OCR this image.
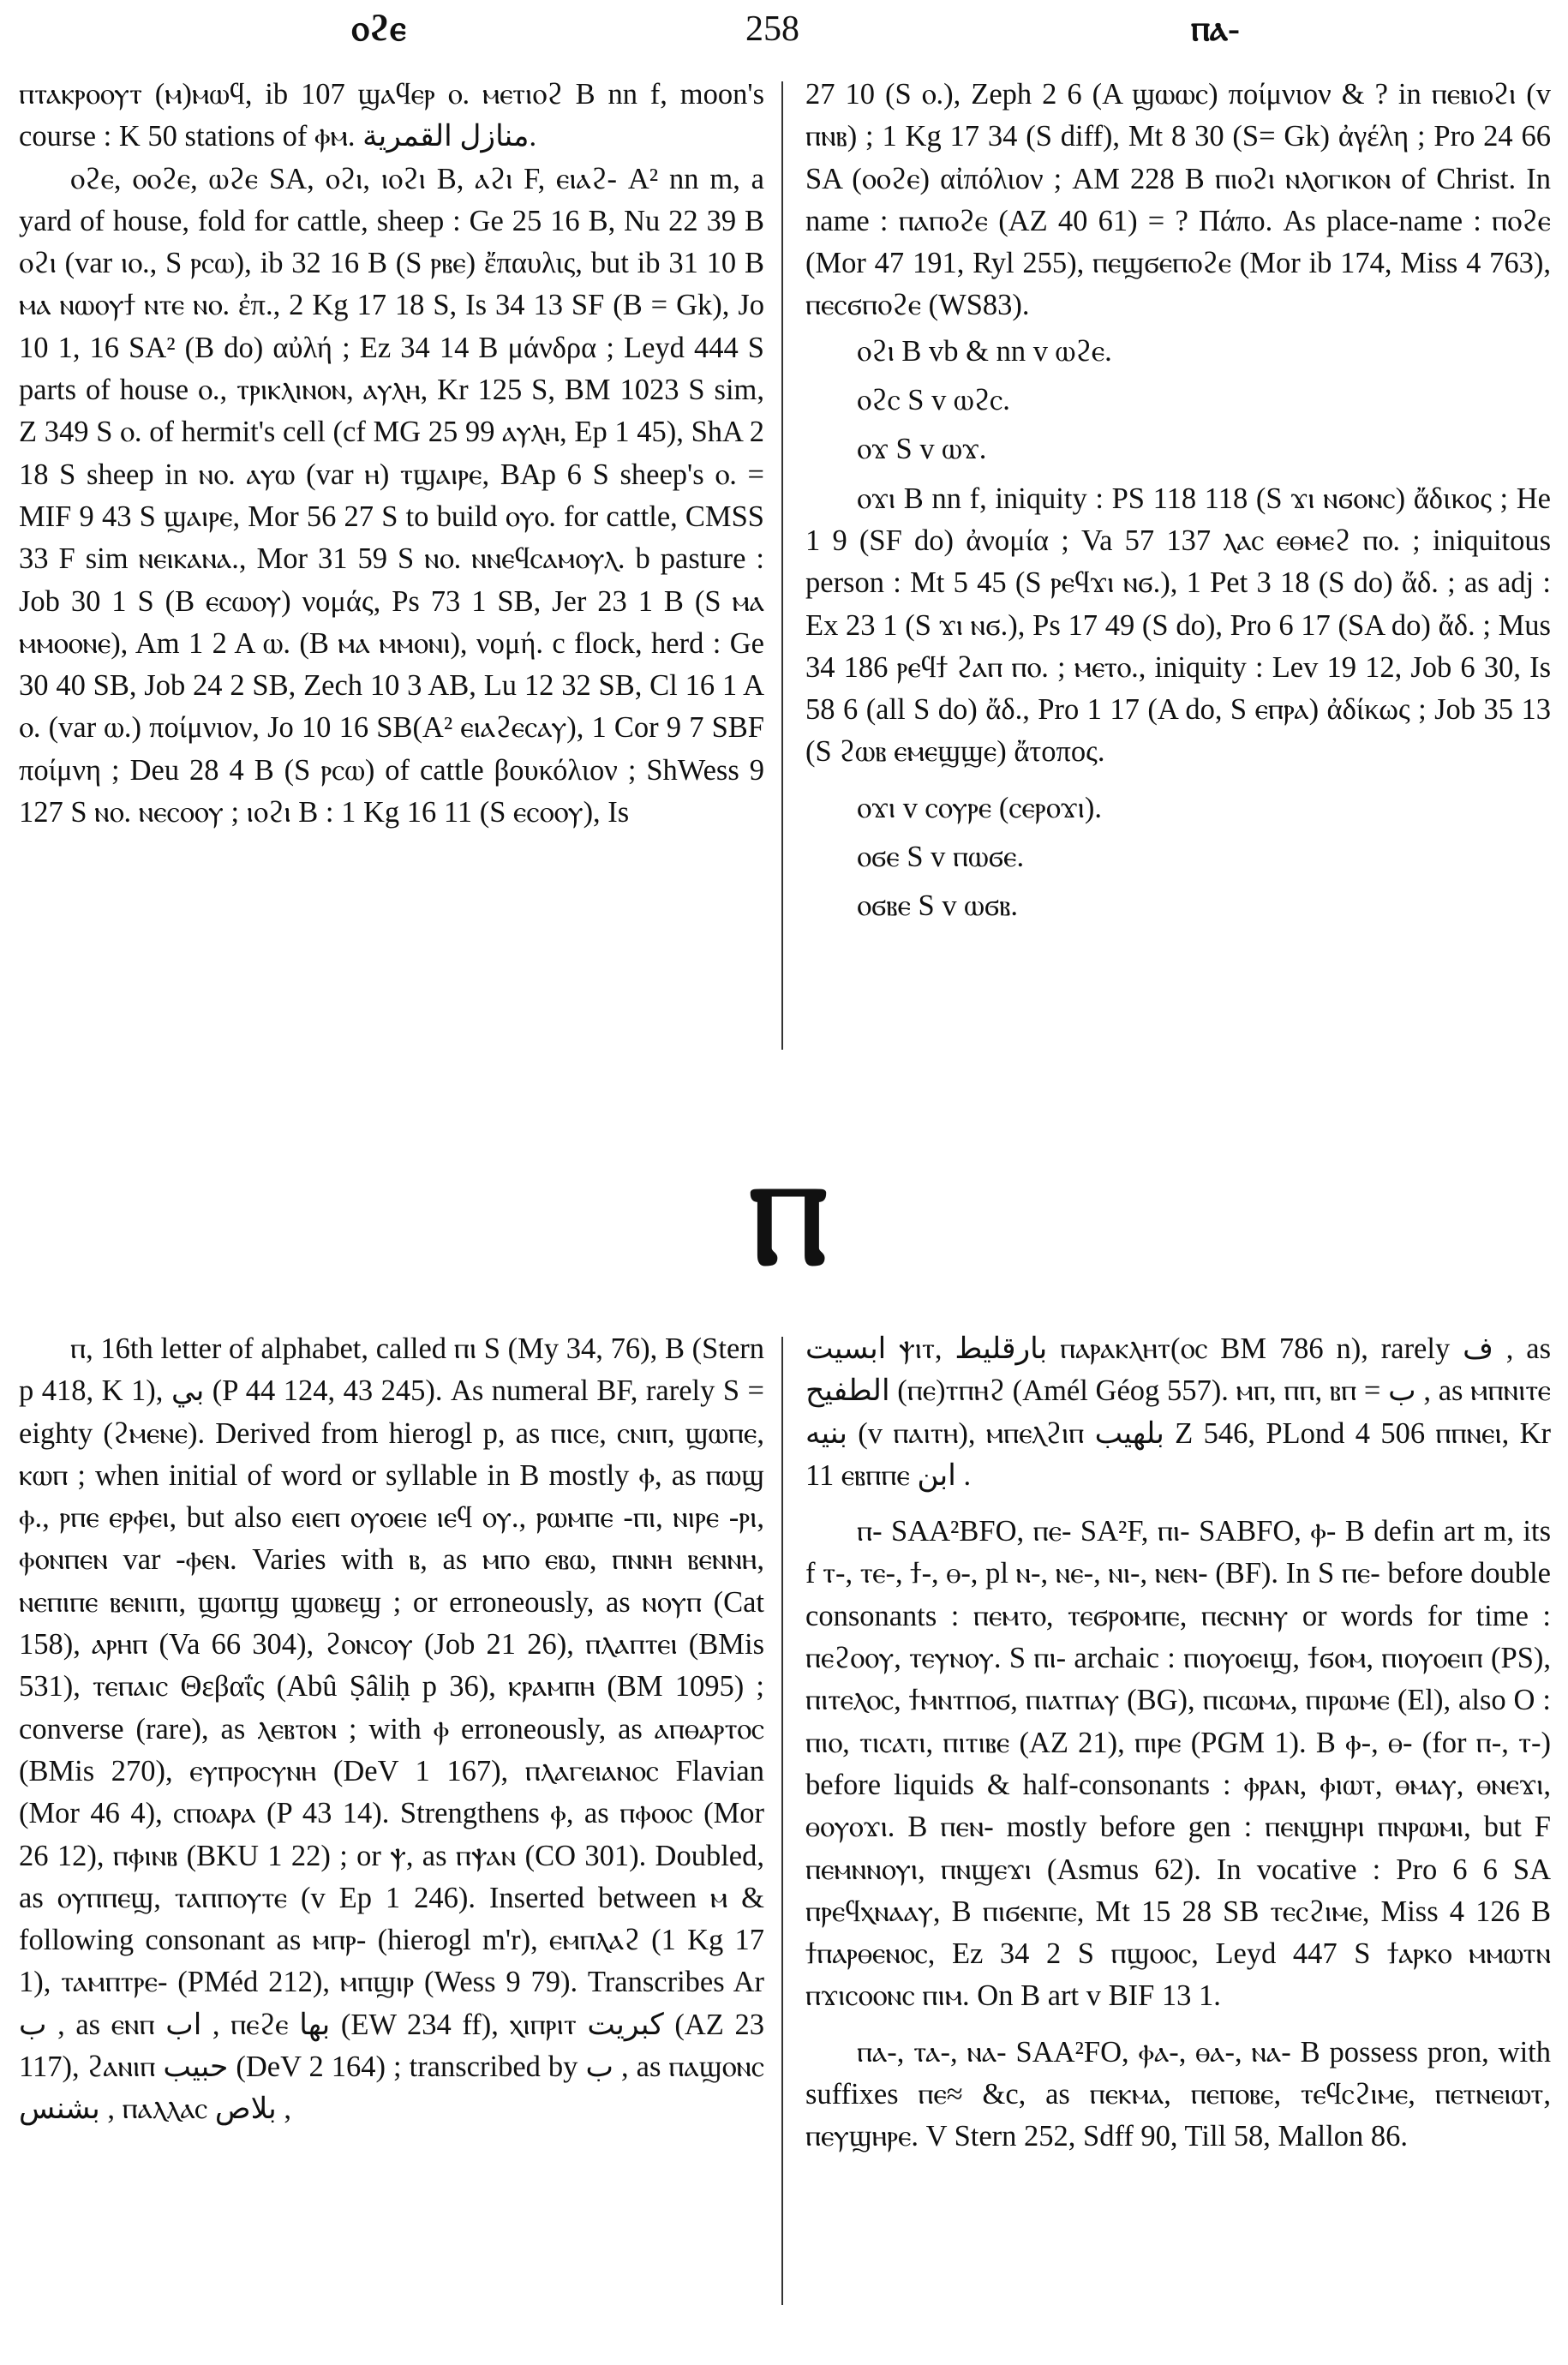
ⲟϩⲉ	258	ⲡⲁ-

ⲡⲧⲁⲕⲣⲟⲟⲩⲧ (ⲙ)ⲙⲱϥ, ib 107 ϣⲁϥⲉⲣ ⲟ. ⲙⲉⲧⲓⲟϩ B nn f, moon's course : K 50 stations of ⲫⲙ. منازل القمرية.

ⲟϩⲉ, ⲟⲟϩⲉ, ⲱϩⲉ SA, ⲟϩⲓ, ⲓⲟϩⲓ B, ⲁϩⲓ F, ⲉⲓⲁϩ- A² nn m, a yard of house, fold for cattle, sheep : Ge 25 16 B, Nu 22 39 B ⲟϩⲓ (var ⲓⲟ., S ⲣⲥⲱ), ib 32 16 B (S ⲣⲃⲉ) ἔπαυλις, but ib 31 10 B ⲙⲁ ⲛⲱⲟⲩϯ ⲛⲧⲉ ⲛⲟ. ἐπ., 2 Kg 17 18 S, Is 34 13 SF (B = Gk), Jo 10 1, 16 SA² (B do) αὐλή ; Ez 34 14 B μάνδρα ; Leyd 444 S parts of house ⲟ., ⲧⲣⲓⲕⲗⲓⲛⲟⲛ, ⲁⲩⲗⲏ, Kr 125 S, BM 1023 S sim, Z 349 S ⲟ. of hermit's cell (cf MG 25 99 ⲁⲩⲗⲏ, Ep 1 45), ShA 2 18 S sheep in ⲛⲟ. ⲁⲩⲱ (var ⲏ) ⲧϣⲁⲓⲣⲉ, BAp 6 S sheep's ⲟ. = MIF 9 43 S ϣⲁⲓⲣⲉ, Mor 56 27 S to build ⲟⲩⲟ. for cattle, CMSS 33 F sim ⲛⲉⲓⲕⲁⲛⲁ., Mor 31 59 S ⲛⲟ. ⲛⲛⲉϥⲥⲁⲙⲟⲩⲗ. b pasture : Job 30 1 S (B ⲉⲥⲱⲟⲩ) νομάς, Ps 73 1 SB, Jer 23 1 B (S ⲙⲁ ⲙⲙⲟⲟⲛⲉ), Am 1 2 A ⲱ. (B ⲙⲁ ⲙⲙⲟⲛⲓ), νομή. c flock, herd : Ge 30 40 SB, Job 24 2 SB, Zech 10 3 AB, Lu 12 32 SB, Cl 16 1 A ⲟ. (var ⲱ.) ποίμνιον, Jo 10 16 SB(A² ⲉⲓⲁϩⲉⲥⲁⲩ), 1 Cor 9 7 SBF ποίμνη ; Deu 28 4 B (S ⲣⲥⲱ) of cattle βουκόλιον ; ShWess 9 127 S ⲛⲟ. ⲛⲉⲥⲟⲟⲩ ; ⲓⲟϩⲓ B : 1 Kg 16 11 (S ⲉⲥⲟⲟⲩ), Is

27 10 (S ⲟ.), Zeph 2 6 (A ϣⲱⲱⲥ) ποίμνιον & ? in ⲡⲉⲃⲓⲟϩⲓ (v ⲡⲛⲃ) ; 1 Kg 17 34 (S diff), Mt 8 30 (S= Gk) ἀγέλη ; Pro 24 66 SA (ⲟⲟϩⲉ) αἰπόλιον ; AM 228 B ⲡⲓⲟϩⲓ ⲛⲗⲟⲅⲓⲕⲟⲛ of Christ. In name : ⲡⲁⲡⲟϩⲉ (AZ 40 61) = ? Πάπο. As place-name : ⲡⲟϩⲉ (Mor 47 191, Ryl 255), ⲡⲉϣϭⲉⲡⲟϩⲉ (Mor ib 174, Miss 4 763), ⲡⲉⲥϭⲡⲟϩⲉ (WS83).

ⲟϩⲓ B vb & nn v ⲱϩⲉ.

ⲟϩⲥ S v ⲱϩⲥ.

ⲟϫ S v ⲱϫ.

ⲟϫⲓ B nn f, iniquity : PS 118 118 (S ϫⲓ ⲛϭⲟⲛⲥ) ἄδικος ; He 1 9 (SF do) ἀνομία ; Va 57 137 ⲗⲁⲥ ⲉⲑⲙⲉϩ ⲡⲟ. ; iniquitous person : Mt 5 45 (S ⲣⲉϥϫⲓ ⲛϭ.), 1 Pet 3 18 (S do) ἄδ. ; as adj : Ex 23 1 (S ϫⲓ ⲛϭ.), Ps 17 49 (S do), Pro 6 17 (SA do) ἄδ. ; Mus 34 186 ⲣⲉϥϯ ϩⲁⲡ ⲡⲟ. ; ⲙⲉⲧⲟ., iniquity : Lev 19 12, Job 6 30, Is 58 6 (all S do) ἄδ., Pro 1 17 (A do, S ⲉⲡⲣⲁ) ἀδίκως ; Job 35 13 (S ϩⲱⲃ ⲉⲙⲉϣϣⲉ) ἄτοπος.

ⲟϫⲓ v ⲥⲟⲩⲣⲉ (ⲥⲉⲣⲟϫⲓ).

ⲟϭⲉ S v ⲡⲱϭⲉ.

ⲟϭⲃⲉ S v ⲱϭⲃ.

Ⲡ

ⲡ, 16th letter of alphabet, called ⲡⲓ S (My 34, 76), B (Stern p 418, K 1), بي (P 44 124, 43 245). As numeral BF, rarely S = eighty (ϩⲙⲉⲛⲉ). Derived from hierogl p, as ⲡⲓⲥⲉ, ⲥⲛⲓⲡ, ϣⲱⲡⲉ, ⲕⲱⲡ ; when initial of word or syllable in B mostly ⲫ, as ⲡⲱϣ ⲫ., ⲣⲡⲉ ⲉⲣⲫⲉⲓ, but also ⲉⲓⲉⲡ ⲟⲩⲟⲉⲓⲉ ⲓⲉϥ ⲟⲩ., ⲣⲱⲙⲡⲉ -ⲡⲓ, ⲛⲓⲣⲉ -ⲣⲓ, ⲫⲟⲛⲡⲉⲛ var -ⲫⲉⲛ. Varies with ⲃ, as ⲙⲡⲟ ⲉⲃⲱ, ⲡⲛⲛⲏ ⲃⲉⲛⲛⲏ, ⲛⲉⲡⲓⲡⲉ ⲃⲉⲛⲓⲡⲓ, ϣⲱⲡϣ ϣⲱⲃⲉϣ ; or erroneously, as ⲛⲟⲩⲡ (Cat 158), ⲁⲣⲏⲡ (Va 66 304), ϩⲟⲛⲥⲟⲩ (Job 21 26), ⲡⲗⲁⲡⲧⲉⲓ (BMis 531), ⲧⲉⲡⲁⲓⲥ Θεβαΐς (Abû Ṣâliḥ p 36), ⲕⲣⲁⲙⲡⲏ (BM 1095) ; converse (rare), as ⲗⲉⲃⲧⲟⲛ ; with ⲫ erroneously, as ⲁⲡⲑⲁⲣⲧⲟⲥ (BMis 270), ⲉⲩⲡⲣⲟⲥⲩⲛⲏ (DeV 1 167), ⲡⲗⲁⲅⲉⲓⲁⲛⲟⲥ Flavian (Mor 46 4), ⲥⲡⲟⲁⲣⲁ (P 43 14). Strengthens ⲫ, as ⲡⲫⲟⲟⲥ (Mor 26 12), ⲡⲫⲓⲛⲃ (BKU 1 22) ; or ⲯ, as ⲡⲯⲁⲛ (CO 301). Doubled, as ⲟⲩⲡⲡⲉϣ, ⲧⲁⲡⲡⲟⲩⲧⲉ (v Ep 1 246). Inserted between ⲙ & following consonant as ⲙⲡⲣ- (hierogl m'r), ⲉⲙⲡⲗⲁϩ (1 Kg 17 1), ⲧⲁⲙⲡⲧⲣⲉ- (PMéd 212), ⲙⲡϣⲓⲣ (Wess 9 79). Transcribes Ar ب , as ⲉⲛⲡ اب , ⲡⲉϩⲉ بها (EW 234 ff), ⲭⲓⲡⲣⲓⲧ كبريت (AZ 23 117), ϩⲁⲛⲓⲡ حبيب (DeV 2 164) ; transcribed by ب , as ⲡⲁϣⲟⲛⲥ بشنس , ⲡⲁⲗⲗⲁⲥ بلاص ,

ابسيت ⲯⲓⲧ, بارقليط ⲡⲁⲣⲁⲕⲗⲏⲧ(ⲟⲥ BM 786 n), rarely ف , as الطفيح (ⲡⲉ)ⲧⲡⲏϩ (Amél Géog 557). ⲙⲡ, ⲡⲡ, ⲃⲡ = ب , as ⲙⲡⲛⲓⲧⲉ بنيه (v ⲡⲁⲓⲧⲏ), ⲙⲡⲉⲗϩⲓⲡ بلهيب Z 546, PLond 4 506 ⲡⲡⲛⲉⲓ, Kr 11 ⲉⲃⲡⲡⲉ ابن .

ⲡ- SAA²BFO, ⲡⲉ- SA²F, ⲡⲓ- SABFO, ⲫ- B defin art m, its f ⲧ-, ⲧⲉ-, ϯ-, ⲑ-, pl ⲛ-, ⲛⲉ-, ⲛⲓ-, ⲛⲉⲛ- (BF). In S ⲡⲉ- before double consonants : ⲡⲉⲙⲧⲟ, ⲧⲉϭⲣⲟⲙⲡⲉ, ⲡⲉⲥⲛⲏⲩ or words for time : ⲡⲉϩⲟⲟⲩ, ⲧⲉⲩⲛⲟⲩ. S ⲡⲓ- archaic : ⲡⲓⲟⲩⲟⲉⲓϣ, ϯϭⲟⲙ, ⲡⲓⲟⲩⲟⲉⲓⲡ (PS), ⲡⲓⲧⲉⲗⲟⲥ, ϯⲙⲛⲧⲡⲟϭ, ⲡⲓⲁⲧⲡⲁⲩ (BG), ⲡⲓⲥⲱⲙⲁ, ⲡⲓⲣⲱⲙⲉ (El), also O : ⲡⲓⲟ, ⲧⲓⲥⲁⲧⲓ, ⲡⲓⲧⲓⲃⲉ (AZ 21), ⲡⲓⲣⲉ (PGM 1). B ⲫ-, ⲑ- (for ⲡ-, ⲧ-) before liquids & half-consonants : ⲫⲣⲁⲛ, ⲫⲓⲱⲧ, ⲑⲙⲁⲩ, ⲑⲛⲉϫⲓ, ⲑⲟⲩⲟϫⲓ. B ⲡⲉⲛ- mostly before gen : ⲡⲉⲛϣⲏⲣⲓ ⲡⲛⲣⲱⲙⲓ, but F ⲡⲉⲙⲛⲛⲟⲩⲓ, ⲡⲛϣⲉϫⲓ (Asmus 62). In vocative : Pro 6 6 SA ⲡⲣⲉϥⲭⲛⲁⲁⲩ, B ⲡⲓϭⲉⲛⲡⲉ, Mt 15 28 SB ⲧⲉⲥϩⲓⲙⲉ, Miss 4 126 B ϯⲡⲁⲣⲑⲉⲛⲟⲥ, Ez 34 2 S ⲡϣⲟⲟⲥ, Leyd 447 S ϯⲁⲣⲕⲟ ⲙⲙⲱⲧⲛ ⲡϫⲓⲥⲟⲟⲛⲥ ⲡⲓⲙ. On B art v BIF 13 1.

ⲡⲁ-, ⲧⲁ-, ⲛⲁ- SAA²FO, ⲫⲁ-, ⲑⲁ-, ⲛⲁ- B possess pron, with suffixes ⲡⲉ≈ &c, as ⲡⲉⲕⲙⲁ, ⲡⲉⲡⲟⲃⲉ, ⲧⲉϥⲥϩⲓⲙⲉ, ⲡⲉⲧⲛⲉⲓⲱⲧ, ⲡⲉⲩϣⲏⲣⲉ. V Stern 252, Sdff 90, Till 58, Mallon 86.
